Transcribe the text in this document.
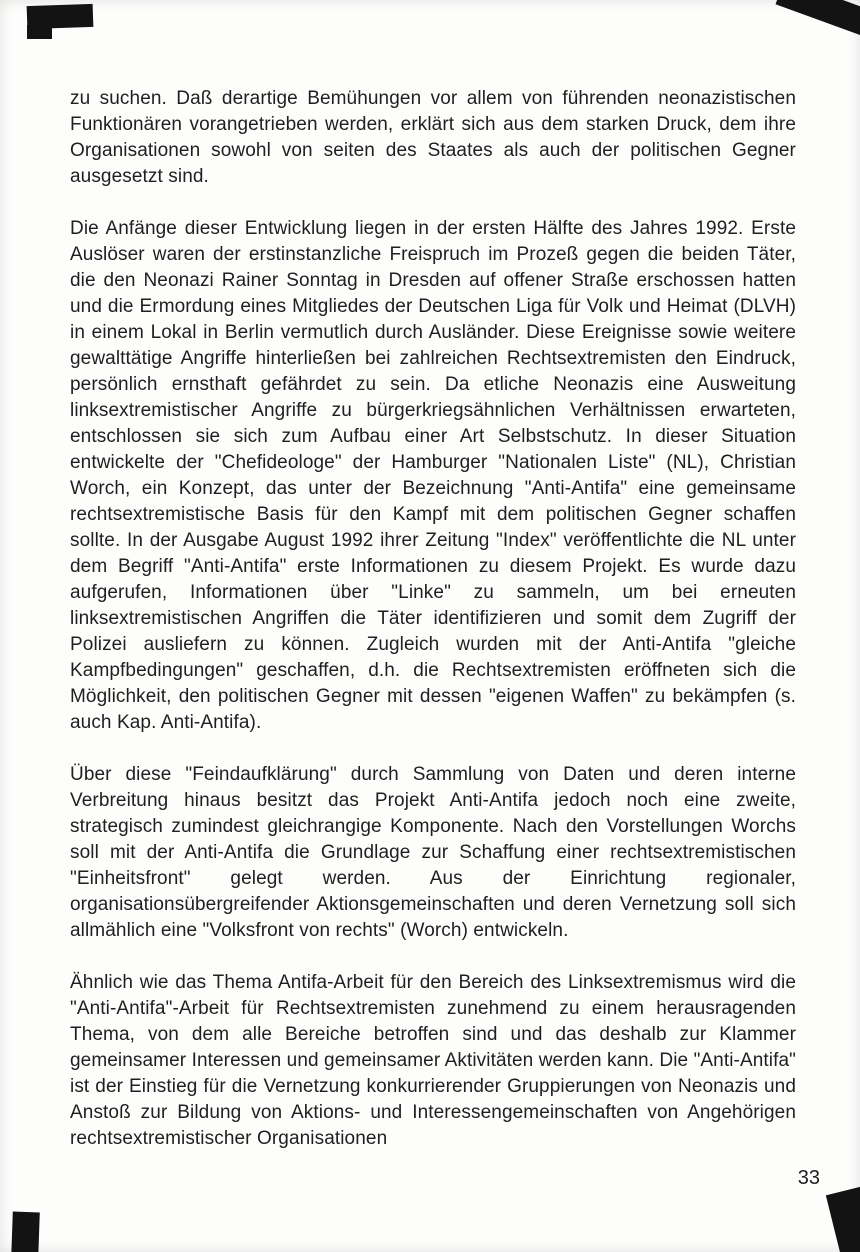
zu suchen. Daß derartige Bemühungen vor allem von führenden neonazistischen Funktionären vorangetrieben werden, erklärt sich aus dem starken Druck, dem ihre Organisationen sowohl von seiten des Staates als auch der politischen Gegner ausgesetzt sind.

Die Anfänge dieser Entwicklung liegen in der ersten Hälfte des Jahres 1992. Erste Auslöser waren der erstinstanzliche Freispruch im Prozeß gegen die beiden Täter, die den Neonazi Rainer Sonntag in Dresden auf offener Straße erschossen hatten und die Ermordung eines Mitgliedes der Deutschen Liga für Volk und Heimat (DLVH) in einem Lokal in Berlin vermutlich durch Ausländer. Diese Ereignisse sowie weitere gewalttätige Angriffe hinterließen bei zahlreichen Rechtsextremisten den Eindruck, persönlich ernsthaft gefährdet zu sein. Da etliche Neonazis eine Ausweitung linksextremistischer Angriffe zu bürgerkriegsähnlichen Verhältnissen erwarteten, entschlossen sie sich zum Aufbau einer Art Selbstschutz. In dieser Situation entwickelte der "Chefideologe" der Hamburger "Nationalen Liste" (NL), Christian Worch, ein Konzept, das unter der Bezeichnung "Anti-Antifa" eine gemeinsame rechtsextremistische Basis für den Kampf mit dem politischen Gegner schaffen sollte. In der Ausgabe August 1992 ihrer Zeitung "Index" veröffentlichte die NL unter dem Begriff "Anti-Antifa" erste Informationen zu diesem Projekt. Es wurde dazu aufgerufen, Informationen über "Linke" zu sammeln, um bei erneuten linksextremistischen Angriffen die Täter identifizieren und somit dem Zugriff der Polizei ausliefern zu können. Zugleich wurden mit der Anti-Antifa "gleiche Kampfbedingungen" geschaffen, d.h. die Rechtsextremisten eröffneten sich die Möglichkeit, den politischen Gegner mit dessen "eigenen Waffen" zu bekämpfen (s. auch Kap. Anti-Antifa).

Über diese "Feindaufklärung" durch Sammlung von Daten und deren interne Verbreitung hinaus besitzt das Projekt Anti-Antifa jedoch noch eine zweite, strategisch zumindest gleichrangige Komponente. Nach den Vorstellungen Worchs soll mit der Anti-Antifa die Grundlage zur Schaffung einer rechtsextremistischen "Einheitsfront" gelegt werden. Aus der Einrichtung regionaler, organisationsübergreifender Aktionsgemeinschaften und deren Vernetzung soll sich allmählich eine "Volksfront von rechts" (Worch) entwickeln.

Ähnlich wie das Thema Antifa-Arbeit für den Bereich des Linksextremismus wird die "Anti-Antifa"-Arbeit für Rechtsextremisten zunehmend zu einem herausragenden Thema, von dem alle Bereiche betroffen sind und das deshalb zur Klammer gemeinsamer Interessen und gemeinsamer Aktivitäten werden kann. Die "Anti-Antifa" ist der Einstieg für die Vernetzung konkurrierender Gruppierungen von Neonazis und Anstoß zur Bildung von Aktions- und Interessengemeinschaften von Angehörigen rechtsextremistischer Organisationen

33
